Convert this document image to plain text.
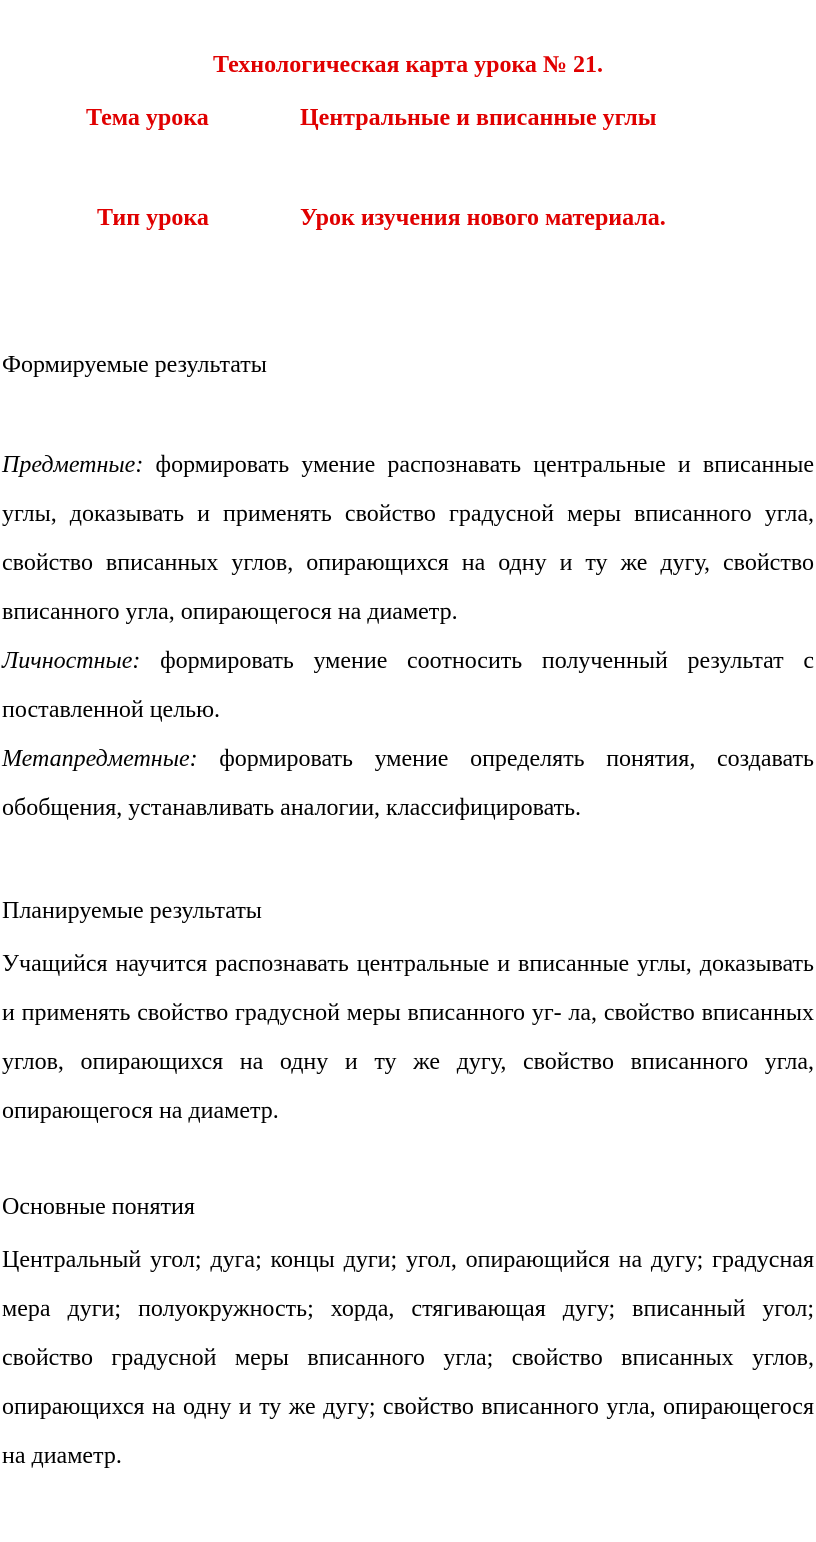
Технологическая карта урока № 21.
Тема урока	Центральные и вписанные углы
Тип урока	Урок изучения нового материала.
Формируемые результаты
Предметные: формировать умение распознавать центральные и вписанные углы, доказывать и применять свойство градусной меры вписанного угла, свойство вписанных углов, опирающихся на одну и ту же дугу, свойство вписанного угла, опирающегося на диаметр.
Личностные: формировать умение соотносить полученный результат с поставленной целью.
Метапредметные: формировать умение определять понятия, создавать обобщения, устанавливать аналогии, классифицировать.
Планируемые результаты
Учащийся научится распознавать центральные и вписанные углы, доказывать и применять свойство градусной меры вписанного уг- ла, свойство вписанных углов, опирающихся на одну и ту же дугу, свойство вписанного угла, опирающегося на диаметр.
Основные понятия
Центральный угол; дуга; концы дуги; угол, опирающийся на дугу; градусная мера дуги; полуокружность; хорда, стягивающая дугу; вписанный угол; свойство градусной меры вписанного угла; свойство вписанных углов, опирающихся на одну и ту же дугу; свойство вписанного угла, опирающегося на диаметр.
